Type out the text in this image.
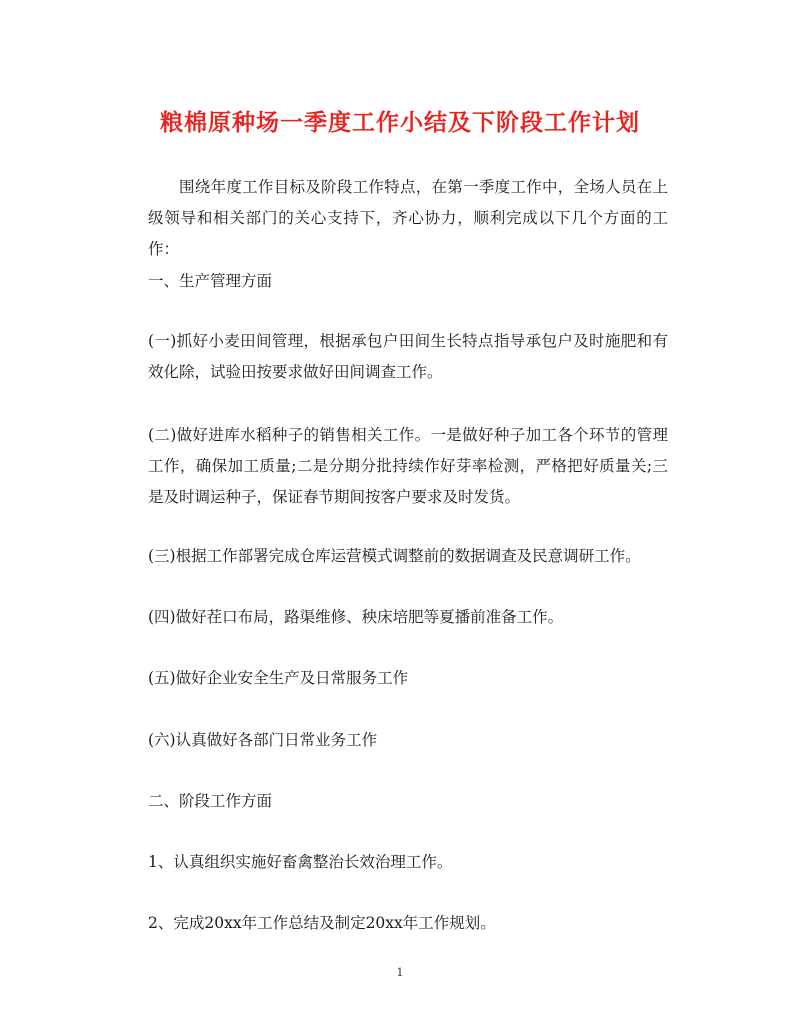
粮棉原种场一季度工作小结及下阶段工作计划

围绕年度工作目标及阶段工作特点，在第一季度工作中，全场人员在上级领导和相关部门的关心支持下，齐心协力，顺利完成以下几个方面的工作：

一、生产管理方面

(一)抓好小麦田间管理，根据承包户田间生长特点指导承包户及时施肥和有效化除，试验田按要求做好田间调查工作。

(二)做好进库水稻种子的销售相关工作。一是做好种子加工各个环节的管理工作，确保加工质量;二是分期分批持续作好芽率检测，严格把好质量关;三是及时调运种子，保证春节期间按客户要求及时发货。

(三)根据工作部署完成仓库运营模式调整前的数据调查及民意调研工作。

(四)做好茬口布局，路渠维修、秧床培肥等夏播前准备工作。

(五)做好企业安全生产及日常服务工作

(六)认真做好各部门日常业务工作

二、阶段工作方面

1、认真组织实施好畜禽整治长效治理工作。

2、完成20xx年工作总结及制定20xx年工作规划。

1
